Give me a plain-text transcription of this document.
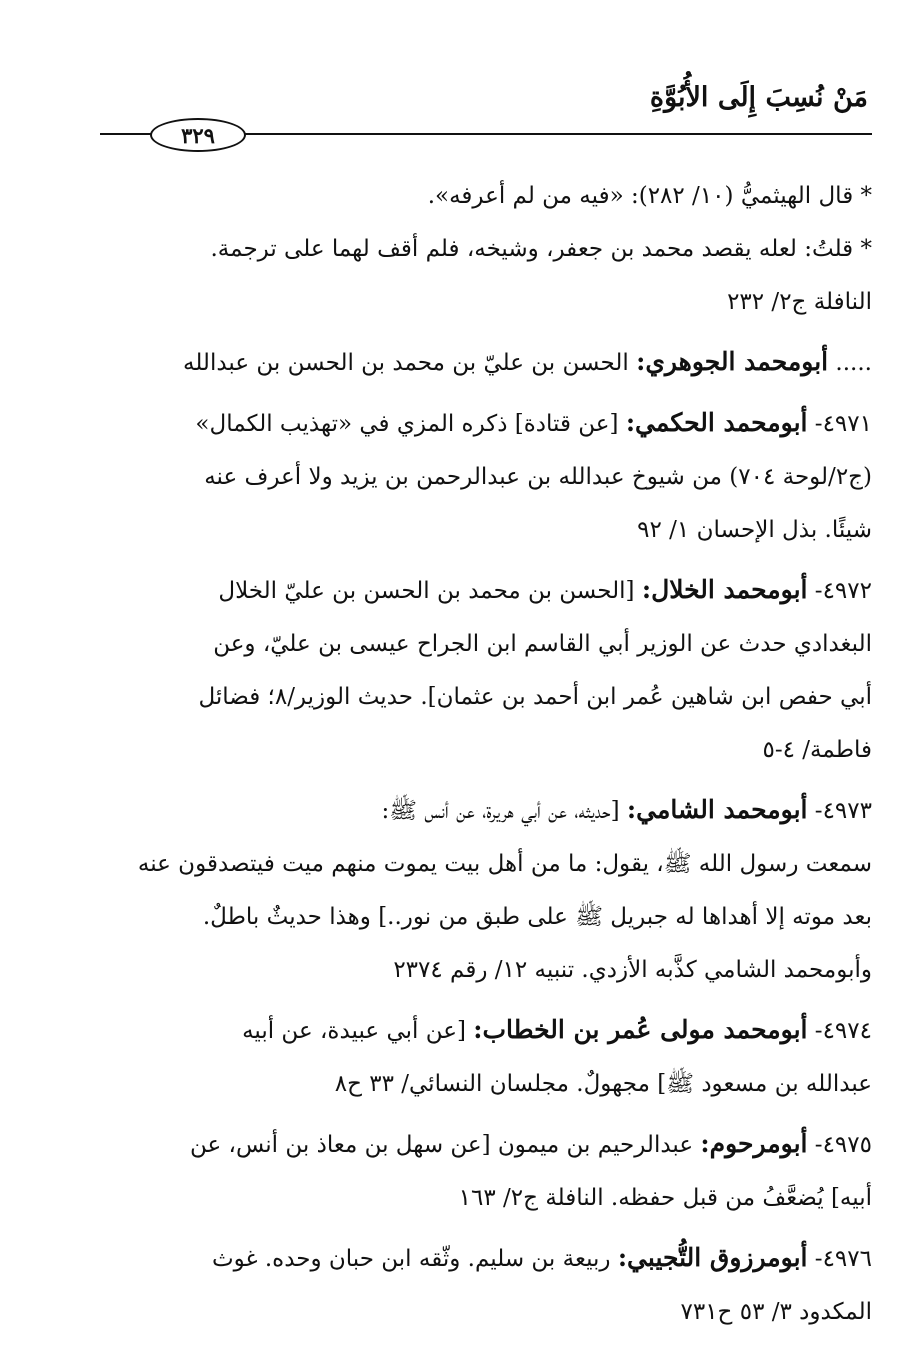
مَنْ نُسِبَ إِلَى الأُبُوَّةِ
٣٢٩
* قال الهيثميُّ (١٠/ ٢٨٢): «فيه من لم أعرفه».
* قلتُ: لعله يقصد محمد بن جعفر، وشيخه، فلم أقف لهما على ترجمة.
النافلة ج٢/ ٢٣٢
..... أبومحمد الجوهري: الحسن بن عليّ بن محمد بن الحسن بن عبدالله
٤٩٧١- أبومحمد الحكمي: [عن قتادة] ذكره المزي في «تهذيب الكمال»
(ج٢/لوحة ٧٠٤) من شيوخ عبدالله بن عبدالرحمن بن يزيد ولا أعرف عنه
شيئًا. بذل الإحسان ١/ ٩٢
٤٩٧٢- أبومحمد الخلال: [الحسن بن محمد بن الحسن بن عليّ الخلال
البغدادي حدث عن الوزير أبي القاسم ابن الجراح عيسى بن عليّ، وعن
أبي حفص ابن شاهين عُمر ابن أحمد بن عثمان]. حديث الوزير/٨؛ فضائل
فاطمة/ ٤-٥
٤٩٧٣- أبومحمد الشامي: [حديثه، عن أبي هريرة، عن أنس ﷺ:
سمعت رسول الله ﷺ، يقول: ما من أهل بيت يموت منهم ميت فيتصدقون عنه
بعد موته إلا أهداها له جبريل ﷺ على طبق من نور..] وهذا حديثٌ باطلٌ.
وأبومحمد الشامي كذَّبه الأزدي. تنبيه ١٢/ رقم ٢٣٧٤
٤٩٧٤- أبومحمد مولى عُمر بن الخطاب: [عن أبي عبيدة، عن أبيه
عبدالله بن مسعود ﷺ] مجهولٌ. مجلسان النسائي/ ٣٣ ح٨
٤٩٧٥- أبومرحوم: عبدالرحيم بن ميمون [عن سهل بن معاذ بن أنس، عن
أبيه] يُضعَّفُ من قبل حفظه. النافلة ج٢/ ١٦٣
٤٩٧٦- أبومرزوق التُّجيبي: ربيعة بن سليم. وثّقه ابن حبان وحده. غوث
المكدود ٣/ ٥٣ ح٧٣١
